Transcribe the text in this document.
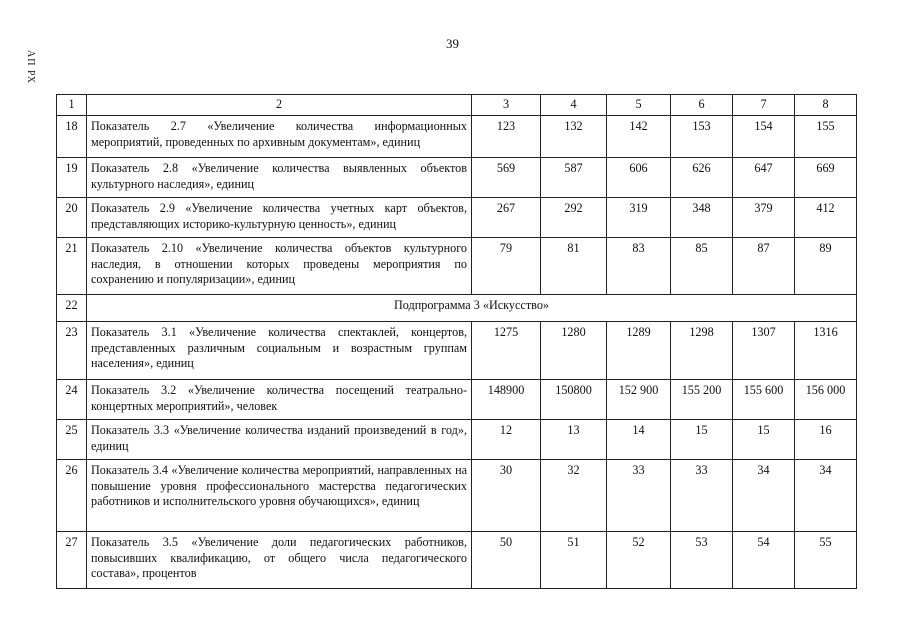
АП РХ
39
1	2	3	4	5	6	7	8
18	Показатель 2.7 «Увеличение количества информационных мероприятий, проведенных по архивным документам», единиц	123	132	142	153	154	155
19	Показатель 2.8 «Увеличение количества выявленных объектов культурного наследия», единиц	569	587	606	626	647	669
20	Показатель 2.9 «Увеличение количества учетных карт объектов, представляющих историко-культурную ценность», единиц	267	292	319	348	379	412
21	Показатель 2.10 «Увеличение количества объектов культурного наследия, в отношении которых проведены мероприятия по сохранению и популяризации», единиц	79	81	83	85	87	89
22	Подпрограмма 3 «Искусство»						
23	Показатель 3.1 «Увеличение количества спектаклей, концертов, представленных различным социальным и возрастным группам населения», единиц	1275	1280	1289	1298	1307	1316
24	Показатель 3.2 «Увеличение количества посещений театрально-концертных мероприятий», человек	148900	150800	152 900	155 200	155 600	156 000
25	Показатель 3.3 «Увеличение количества изданий произведений в год», единиц	12	13	14	15	15	16
26	Показатель 3.4 «Увеличение количества мероприятий, направленных на повышение уровня профессионального мастерства педагогических работников и исполнительского уровня обучающихся», единиц	30	32	33	33	34	34
27	Показатель 3.5 «Увеличение доли педагогических работников, повысивших квалификацию, от общего числа педагогического состава», процентов	50	51	52	53	54	55
